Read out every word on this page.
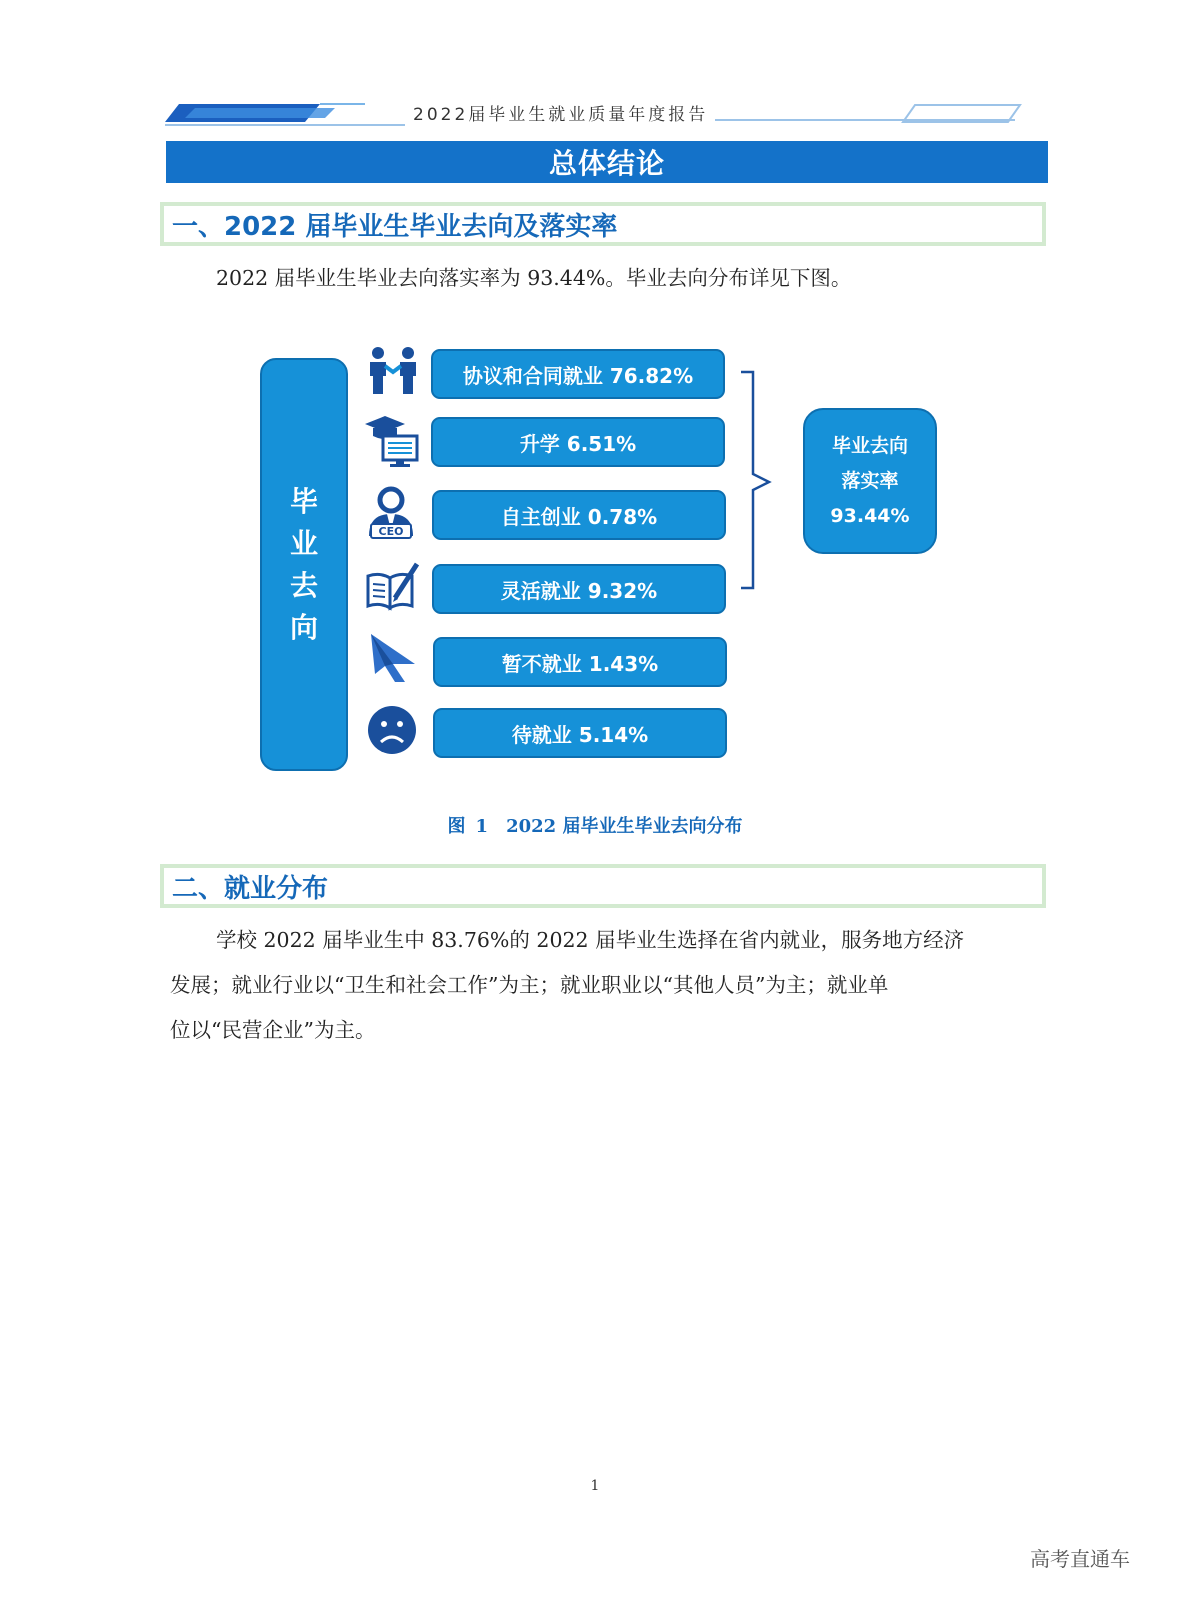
2022届毕业生就业质量年度报告
总体结论
一、2022 届毕业生毕业去向及落实率

2022 届毕业生毕业去向落实率为 93.44%。毕业去向分布详见下图。

毕
业
去
向
CEO
协议和合同就业 76.82%
升学 6.51%
自主创业 0.78%
灵活就业 9.32%
暂不就业 1.43%
待就业 5.14%
毕业去向
落实率
93.44%
图 1 2022 届毕业生毕业去向分布
二、就业分布
学校 2022 届毕业生中 83.76%的 2022 届毕业生选择在省内就业，服务地方经济
发展；就业行业以“卫生和社会工作”为主；就业职业以“其他人员”为主；就业单
位以“民营企业”为主。
1
高考直通车
